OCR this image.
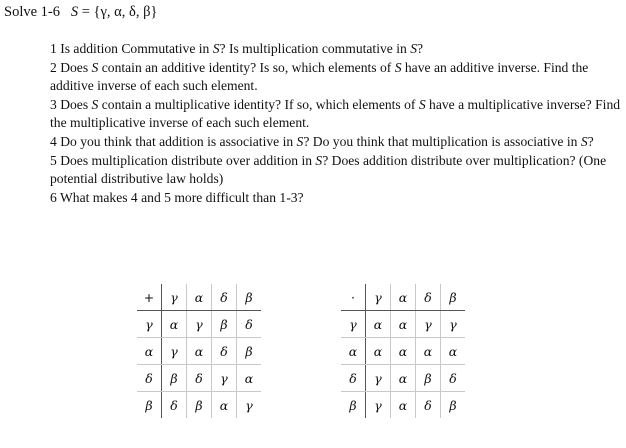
Solve 1-6 S = {γ, α, δ, β}

1 Is addition Commutative in S? Is multiplication commutative in S?

2 Does S contain an additive identity? Is so, which elements of S have an additive inverse. Find the additive inverse of each such element.

3 Does S contain a multiplicative identity? If so, which elements of S have a multiplicative inverse? Find the multiplicative inverse of each such element.

4 Do you think that addition is associative in S? Do you think that multiplication is associative in S?

5 Does multiplication distribute over addition in S? Does addition distribute over multiplication? (One potential distributive law holds)

6 What makes 4 and 5 more difficult than 1-3?

+	γ	α	δ	β
γ	α	γ	β	δ
α	γ	α	δ	β
δ	β	δ	γ	α
β	δ	β	α	γ
·	γ	α	δ	β
γ	α	α	γ	γ
α	α	α	α	α
δ	γ	α	β	δ
β	γ	α	δ	β
